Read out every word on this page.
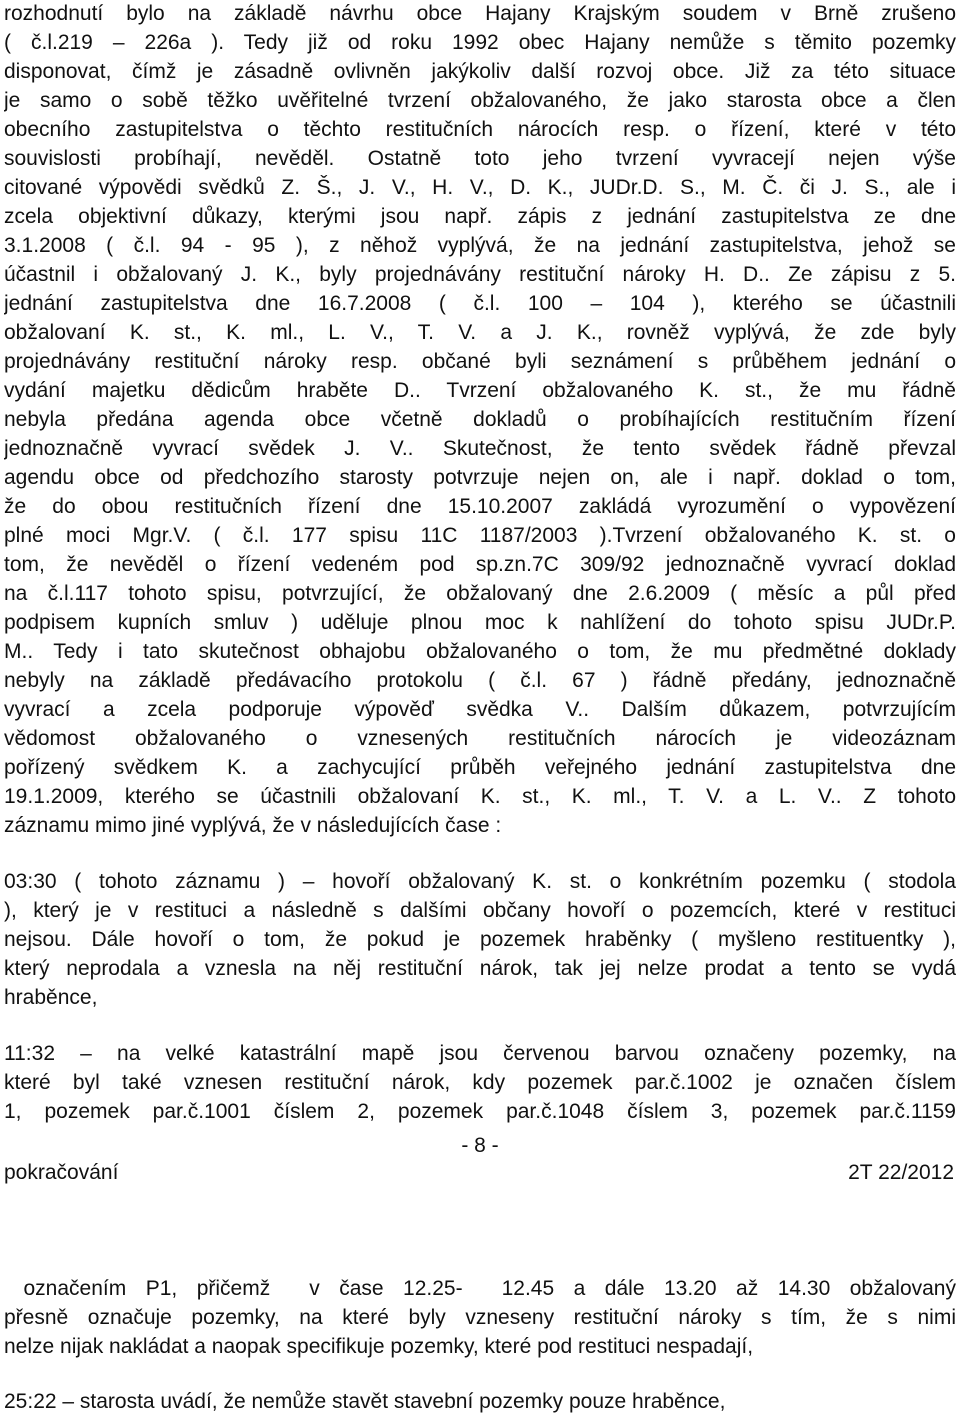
rozhodnutí bylo na základě návrhu obce Hajany Krajským soudem v Brně zrušeno
( č.l.219 – 226a ). Tedy již od roku 1992 obec Hajany nemůže s těmito pozemky
disponovat, čímž je zásadně ovlivněn jakýkoliv další rozvoj obce. Již za této situace
je samo o sobě těžko uvěřitelné tvrzení obžalovaného, že jako starosta obce a člen
obecního zastupitelstva o těchto restitučních nárocích resp. o řízení, které v této
souvislosti probíhají, nevěděl. Ostatně toto jeho tvrzení vyvracejí nejen výše
citované výpovědi svědků Z. Š., J. V., H. V., D. K., JUDr.D. S., M. Č. či J. S., ale i
zcela objektivní důkazy, kterými jsou např. zápis z jednání zastupitelstva ze dne
3.1.2008 ( č.l. 94 - 95 ), z něhož vyplývá, že na jednání zastupitelstva, jehož se
účastnil i obžalovaný J. K., byly projednávány restituční nároky H. D.. Ze zápisu z 5.
jednání zastupitelstva dne 16.7.2008 ( č.l. 100 – 104 ), kterého se účastnili
obžalovaní K. st., K. ml., L. V., T. V. a J. K., rovněž vyplývá, že zde byly
projednávány restituční nároky resp. občané byli seznámení s průběhem jednání o
vydání majetku dědicům hraběte D.. Tvrzení obžalovaného K. st., že mu řádně
nebyla předána agenda obce včetně dokladů o probíhajících restitučním řízení
jednoznačně vyvrací svědek J. V.. Skutečnost, že tento svědek řádně převzal
agendu obce od předchozího starosty potvrzuje nejen on, ale i např. doklad o tom,
že do obou restitučních řízení dne 15.10.2007 zakládá vyrozumění o vypovězení
plné moci Mgr.V. ( č.l. 177 spisu 11C 1187/2003 ).Tvrzení obžalovaného K. st. o
tom, že nevěděl o řízení vedeném pod sp.zn.7C 309/92 jednoznačně vyvrací doklad
na č.l.117 tohoto spisu, potvrzující, že obžalovaný dne 2.6.2009 ( měsíc a půl před
podpisem kupních smluv ) uděluje plnou moc k nahlížení do tohoto spisu JUDr.P.
M.. Tedy i tato skutečnost obhajobu obžalovaného o tom, že mu předmětné doklady
nebyly na základě předávacího protokolu ( č.l. 67 ) řádně předány, jednoznačně
vyvrací a zcela podporuje výpověď svědka V.. Dalším důkazem, potvrzujícím
vědomost obžalovaného o vznesených restitučních nárocích je videozáznam
pořízený svědkem K. a zachycující průběh veřejného jednání zastupitelstva dne
19.1.2009, kterého se účastnili obžalovaní K. st., K. ml., T. V. a L. V.. Z tohoto
záznamu mimo jiné vyplývá, že v následujících čase :
03:30 ( tohoto záznamu ) – hovoří obžalovaný K. st. o konkrétním pozemku ( stodola
), který je v restituci a následně s dalšími občany hovoří o pozemcích, které v restituci
nejsou. Dále hovoří o tom, že pokud je pozemek hraběnky ( myšleno restituentky ),
který neprodala a vznesla na něj restituční nárok, tak jej nelze prodat a tento se vydá
hraběnce,
11:32 – na velké katastrální mapě jsou červenou barvou označeny pozemky, na
které byl také vznesen restituční nárok, kdy pozemek par.č.1002 je označen číslem
1, pozemek par.č.1001 číslem 2, pozemek par.č.1048 číslem 3, pozemek par.č.1159
- 8 -
pokračování	2T 22/2012
označením P1, přičemž  v čase 12.25-  12.45 a dále 13.20 až 14.30 obžalovaný
přesně označuje pozemky, na které byly vzneseny restituční nároky s tím, že s nimi
nelze nijak nakládat a naopak specifikuje pozemky, které pod restituci nespadají,
25:22 – starosta uvádí, že nemůže stavět stavební pozemky pouze hraběnce,
